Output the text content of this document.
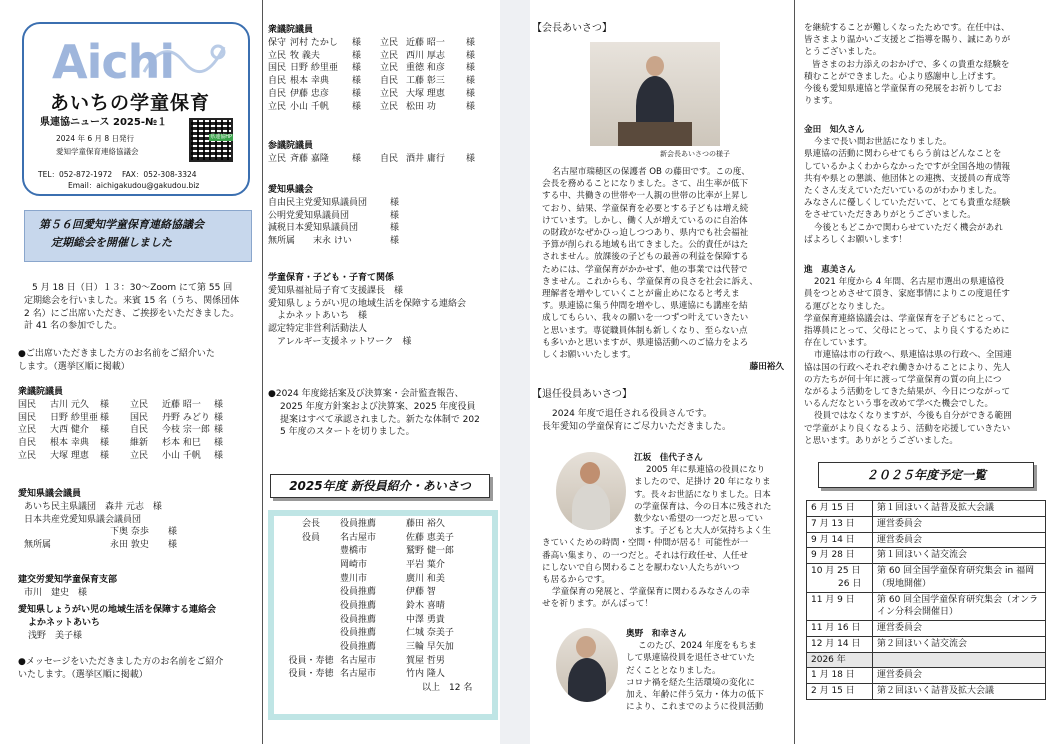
Aichi
あいちの学童保育
県連協ニュース 2025-№１
2024 年 6 月 8 日発行
愛知学童保育連絡協議会
TEL：052-872-1972　 FAX：052-308-3324
Email：aichigakudou@gakudou.biz
県連協HP
第５６回愛知学童保育連絡協議会
定期総会を開催しました

5 月 18 日（日）１３：30～Zoom にて第 55 回

定期総会を行いました。来賓 15 名（うち、関係団体

2 名）にご出席いただき、ご挨拶をいただきました。

計 41 名の参加でした。

●ご出席いただきました方のお名前をご紹介いた

します。（選挙区順に掲載）

衆議院議員

国民	古川 元久	様	立民	近藤 昭一	様
国民	日野 紗里亜 様	国民	丹野 みどり 様
立民	大西 健介	様	自民	今枝 宗一郎 様
自民	根本 幸典	様	維新	杉本 和巳	様
立民	大塚 理恵	様	立民	小山 千帆	様

愛知県議会議員

あいち民主県議団　森井 元志　様

日本共産党愛知県議会議員団

下奥 奈歩	様
無所属	永田 敦史	様

建交労愛知学童保育支部

市川　建史　様

愛知県しょうがい児の地域生活を保障する連絡会

よかネットあいち

浅野　美子様

●メッセージをいただきました方のお名前をご紹介

いたします。（選挙区順に掲載）

衆議院議員

保守 河村 たかし	様	立民 近藤 昭一	様
立民 牧 義夫	様	立民 西川 厚志	様
国民 日野 紗里亜	様	立民 重徳 和彦	様
自民 根本 幸典	様	自民 工藤 彰三	様
自民 伊藤 忠彦	様	立民 大塚 理恵	様
立民 小山 千帆	様	立民 松田 功	様

参議院議員

立民 斉藤 嘉隆	様	自民 酒井 庸行	様

愛知県議会

自由民主党愛知県議員団	様
公明党愛知県議員団	様
減税日本愛知県議員団	様
無所属　　末永 けい	様

学童保育・子ども・子育て関係

愛知県福祉局子育て支援課長　様

愛知県しょうがい児の地域生活を保障する連絡会

　よかネットあいち　様

認定特定非営利活動法人

　アレルギー支援ネットワーク　様

●2024 年度総括案及び決算案・会計監査報告、

2025 年度方針案および決算案、2025 年度役員

提案はすべて承認されました。新たな体制で 202

5 年度のスタートを切りました。

2025年度 新役員紹介・あいさつ
会長	役員推薦	藤田 裕久
役員	名古屋市	佐藤 恵美子
豊橋市	鷲野 健一郎
岡崎市	平岩 葉介
豊川市	廣川 和美
役員推薦	伊藤 智
役員推薦	鈴木 喜晴
役員推薦	中澤 勇貴
役員推薦	仁城 奈美子
役員推薦	三輪 早矢加
役員・寿徳 名古屋市	賀屋 哲男
役員・寿徳 名古屋市	竹内 隆人

以上　12 名

【会長あいさつ】

新会長あいさつの様子

名古屋市瑞穂区の保護者 OB の藤田です。この度、

会長を務めることになりました。さて、出生率が低下

する中、共働きの世帯や一人親の世帯の比率が上昇し

ており、結果、学童保育を必要とする子どもは増え続

けています。しかし、働く人が増えているのに自治体

の財政がなぜかひっ迫しつつあり、県内でも社会福祉

予算が削られる地域も出てきました。公的責任がはた

されません。放課後の子どもの最善の利益を保障する

ためには、学童保育がかかせず、他の事業では代替で

きません。これからも、学童保育の良さを社会に訴え、

理解者を増やしていくことが歯止めになると考えま

す。県連協に集う仲間を増やし、県連協にも講座を結

成してもらい、我々の願いを一つずつ叶えていきたい

と思います。専従職員体制も新しくなり、至らない点

も多いかと思いますが、県連協活動へのご協力をよろ

しくお願いいたします。

藤田裕久

【退任役員あいさつ】

2024 年度で退任される役員さんです。

長年愛知の学童保育にご尽力いただきました。

江坂　佳代子さん

2005 年に県連協の役員になり

ましたので、足掛け 20 年になりま

す。長々お世話になりました。日本

の学童保育は、今の日本に残された

数少ない希望の一つだと思ってい

ます。子どもと大人が気持ちよく生

きていくための時間・空間・仲間が居る！可能性が一

番高い集まり、の一つだと。それは行政任せ、人任せ

にしないで自ら関わることを厭わない人たちがいつ

も居るからです。

学童保育の発展と、学童保育に関わるみなさんの幸

せを祈ります。がんばって！

奥野　和幸さん

このたび、2024 年度をもちま

して県連協役員を退任させていた

だくこととなりました。

コロナ禍を経た生活環境の変化に

加え、年齢に伴う気力・体力の低下

により、これまでのように役員活動

を継続することが難しくなったためです。在任中は、

皆さまより温かいご支援とご指導を賜り、誠にありが

とうございました。

皆さまのお力添えのおかげで、多くの貴重な経験を

積むことができました。心より感謝申し上げます。

今後も愛知県連協と学童保育の発展をお祈りしてお

ります。

金田　知久さん

今まで長い間お世話になりました。

県連協の活動に関わらせてもらう前はどんなことを

しているかよくわからなかったですが全国各地の情報

共有や県との懇談、他団体との連携、支援員の育成等

たくさん支えていただいているのがわかりました。

みなさんに優しくしていただいて、とても貴重な経験

をさせていただきありがとうございました。

今後ともどこかで関わらせていただく機会があれ

ばよろしくお願いします！

進　恵美さん

2021 年度から 4 年間、名古屋市選出の県連協役

員をつとめさせて頂き、家庭事情によりこの度退任す

る運びとなりました。

学童保育連絡協議会は、学童保育を子どもにとって、

指導員にとって、父母にとって、より良くするために

存在しています。

市連協は市の行政へ、県連協は県の行政へ、全国連

協は国の行政へそれぞれ働きかけることにより、先人

の方たちが何十年に渡って学童保育の質の向上につ

ながるよう活動をしてきた結果が、今日につながって

いるんだなという事を改めて学べた機会でした。

役員ではなくなりますが、今後も自分ができる範囲

で学童がより良くなるよう、活動を応援していきたい

と思います。ありがとうございました。

２０２５年度予定一覧
6 月 15 日	第１回ほいく詰普及拡大会議
7 月 13 日	運営委員会
9 月 14 日	運営委員会
9 月 28 日	第１回ほいく詰交流会
10 月 25 日
　　　26 日	第 60 回全国学童保育研究集会 in 福岡（現地開催）
11 月 9 日	第 60 回全国学童保育研究集会（オンライン分科会開催日）
11 月 16 日	運営委員会
12 月 14 日	第２回ほいく詰交流会
2026 年	
1 月 18 日	運営委員会
2 月 15 日	第２回ほいく詰普及拡大会議
